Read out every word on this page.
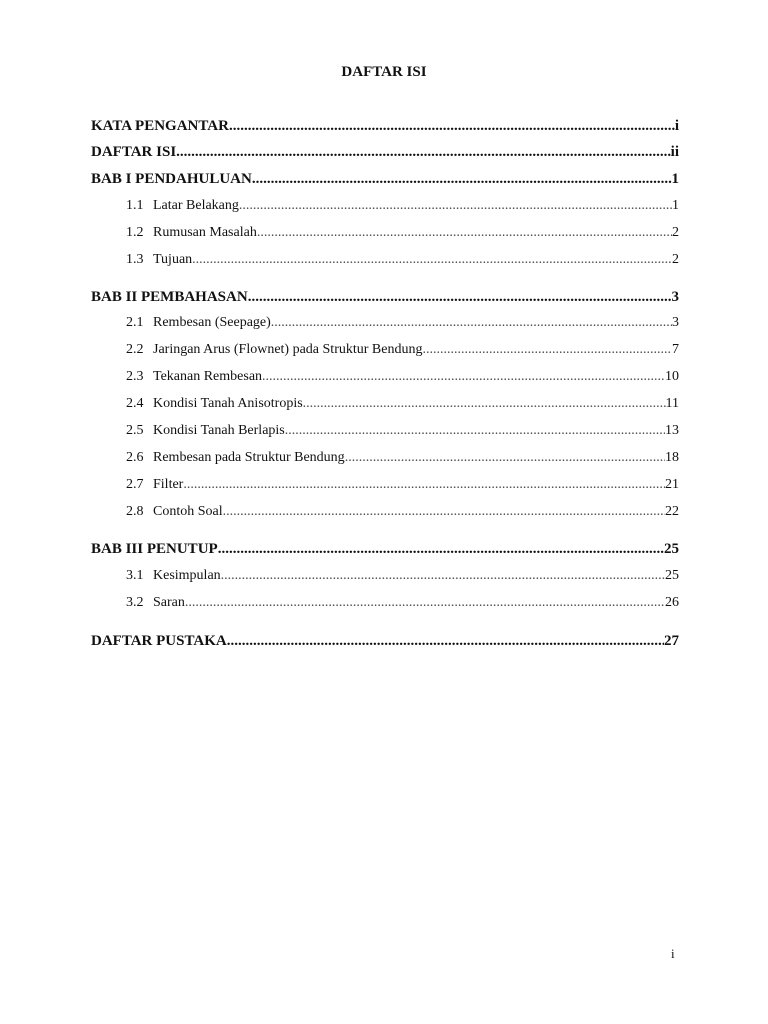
DAFTAR ISI
KATA PENGANTAR .....	i
DAFTAR ISI .....	ii
BAB I PENDAHULUAN .....	1
1.1 Latar Belakang .....	1
1.2 Rumusan Masalah .....	2
1.3 Tujuan .....	2
BAB II PEMBAHASAN .....	3
2.1 Rembesan (Seepage) .....	3
2.2 Jaringan Arus (Flownet) pada Struktur Bendung .....	7
2.3 Tekanan Rembesan .....	10
2.4 Kondisi Tanah Anisotropis .....	11
2.5 Kondisi Tanah Berlapis .....	13
2.6 Rembesan pada Struktur Bendung .....	18
2.7 Filter .....	21
2.8 Contoh Soal .....	22
BAB III PENUTUP .....	25
3.1 Kesimpulan .....	25
3.2 Saran .....	26
DAFTAR PUSTAKA .....	27
i
